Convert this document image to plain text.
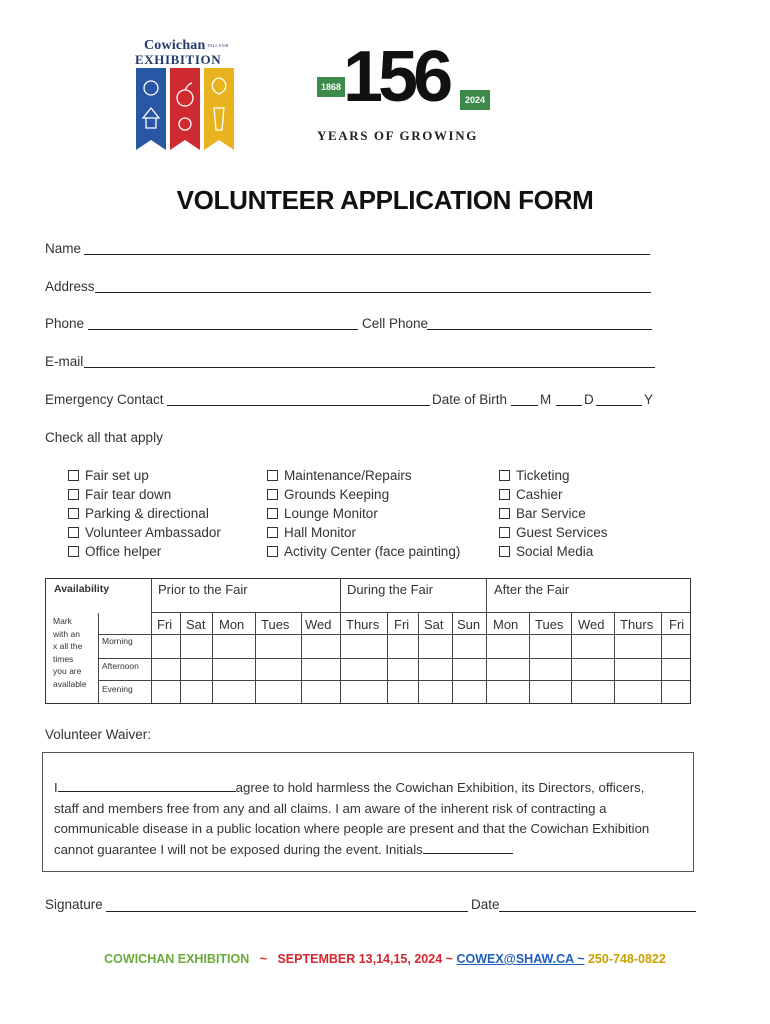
Cowichan FALL FAIR
EXHIBITION
1868 156	2024
YEARS OF GROWING
VOLUNTEER APPLICATION FORM
Name
Address
Phone	Cell Phone
E-mail
Emergency Contact	Date of Birth M D	Y
Check all that apply
Fair set up
Fair tear down
Parking & directional
Volunteer Ambassador
Office helper
Maintenance/Repairs
Grounds Keeping
Lounge Monitor
Hall Monitor
Activity Center (face painting)
Ticketing
Cashier
Bar Service
Guest Services
Social Media
Availability	Prior to the Fair	During the Fair	After the Fair
Fri Sat Mon Tues Wed Thurs Fri Sat Sun Mon Tues Wed Thurs Fri
Mark
with an
x all the
times
you are
available
Morning
Afternoon
Evening
Volunteer Waiver:
I	agree to hold harmless the Cowichan Exhibition, its Directors, officers,
staff and members free from any and all claims. I am aware of the inherent risk of contracting a
communicable disease in a public location where people are present and that the Cowichan Exhibition
cannot guarantee I will not be exposed during the event. Initials
Signature	Date
COWICHAN EXHIBITION ~ SEPTEMBER 13,14,15, 2024 ~ COWEX@SHAW.CA ~ 250-748-0822
